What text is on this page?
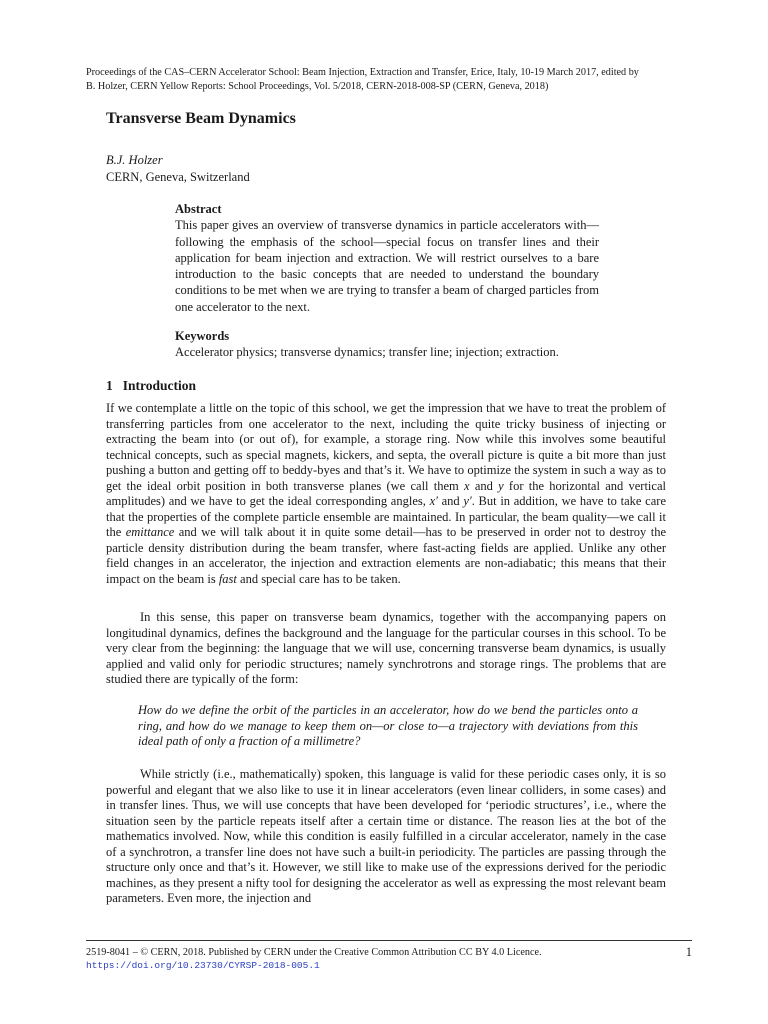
Proceedings of the CAS–CERN Accelerator School: Beam Injection, Extraction and Transfer, Erice, Italy, 10-19 March 2017, edited by
B. Holzer, CERN Yellow Reports: School Proceedings, Vol. 5/2018, CERN-2018-008-SP (CERN, Geneva, 2018)
Transverse Beam Dynamics
B.J. Holzer
CERN, Geneva, Switzerland
Abstract
This paper gives an overview of transverse dynamics in particle accelerators with—following the emphasis of the school—special focus on transfer lines and their application for beam injection and extraction. We will restrict ourselves to a bare introduction to the basic concepts that are needed to understand the boundary conditions to be met when we are trying to transfer a beam of charged particles from one accelerator to the next.
Keywords
Accelerator physics; transverse dynamics; transfer line; injection; extraction.
1 Introduction
If we contemplate a little on the topic of this school, we get the impression that we have to treat the problem of transferring particles from one accelerator to the next, including the quite tricky business of injecting or extracting the beam into (or out of), for example, a storage ring. Now while this involves some beautiful technical concepts, such as special magnets, kickers, and septa, the overall picture is quite a bit more than just pushing a button and getting off to beddy-byes and that’s it. We have to optimize the system in such a way as to get the ideal orbit position in both transverse planes (we call them x and y for the horizontal and vertical amplitudes) and we have to get the ideal corresponding angles, x′ and y′. But in addition, we have to take care that the properties of the complete particle ensemble are maintained. In particular, the beam quality—we call it the emittance and we will talk about it in quite some detail—has to be preserved in order not to destroy the particle density distribution during the beam transfer, where fast-acting fields are applied. Unlike any other field changes in an accelerator, the injection and extraction elements are non-adiabatic; this means that their impact on the beam is fast and special care has to be taken.
In this sense, this paper on transverse beam dynamics, together with the accompanying papers on longitudinal dynamics, defines the background and the language for the particular courses in this school. To be very clear from the beginning: the language that we will use, concerning transverse beam dynamics, is usually applied and valid only for periodic structures; namely synchrotrons and storage rings. The problems that are studied there are typically of the form:
How do we define the orbit of the particles in an accelerator, how do we bend the particles onto a ring, and how do we manage to keep them on—or close to—a trajectory with deviations from this ideal path of only a fraction of a millimetre?
While strictly (i.e., mathematically) spoken, this language is valid for these periodic cases only, it is so powerful and elegant that we also like to use it in linear accelerators (even linear colliders, in some cases) and in transfer lines. Thus, we will use concepts that have been developed for ‘periodic structures’, i.e., where the situation seen by the particle repeats itself after a certain time or distance. The reason lies at the bot of the mathematics involved. Now, while this condition is easily fulfilled in a circular accelerator, namely in the case of a synchrotron, a transfer line does not have such a built-in periodicity. The particles are passing through the structure only once and that’s it. However, we still like to make use of the expressions derived for the periodic machines, as they present a nifty tool for designing the accelerator as well as expressing the most relevant beam parameters. Even more, the injection and
2519-8041 – © CERN, 2018. Published by CERN under the Creative Common Attribution CC BY 4.0 Licence.
https://doi.org/10.23730/CYRSP-2018-005.1
1
